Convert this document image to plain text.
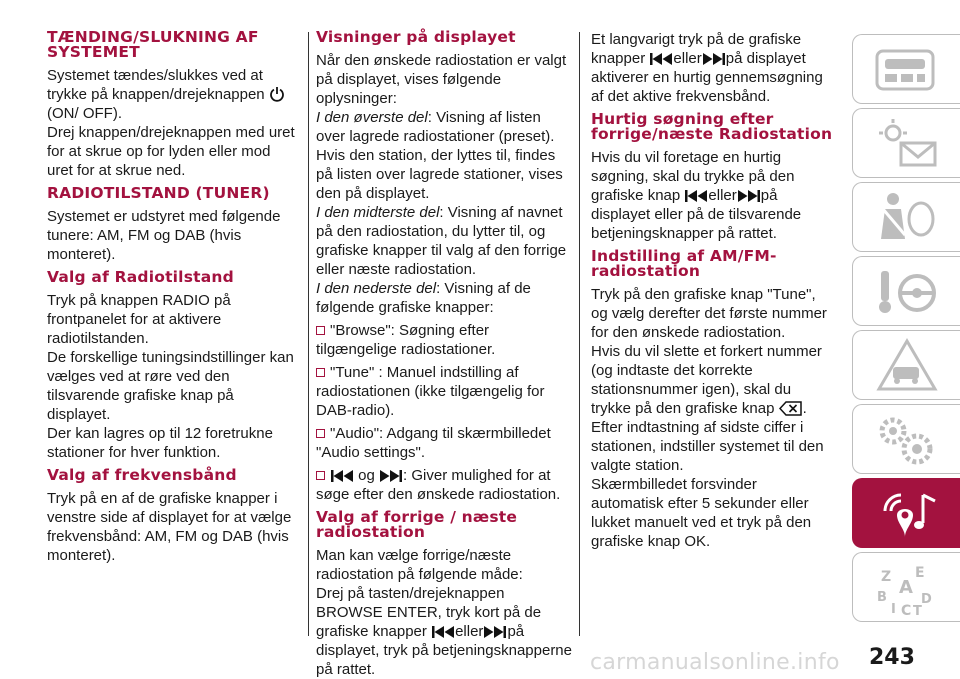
TÆNDING/SLUKNING AF SYSTEMET

Systemet tændes/slukkes ved at trykke på knappen/drejeknappen  (ON/ OFF).

Drej knappen/drejeknappen med uret for at skrue op for lyden eller mod uret for at skrue ned.

RADIOTILSTAND (TUNER)

Systemet er udstyret med følgende tunere: AM, FM og DAB (hvis monteret).

Valg af Radiotilstand

Tryk på knappen RADIO på frontpanelet for at aktivere radiotilstanden.

De forskellige tuningsindstillinger kan vælges ved at røre ved den tilsvarende grafiske knap på displayet.

Der kan lagres op til 12 foretrukne stationer for hver funktion.

Valg af frekvensbånd

Tryk på en af de grafiske knapper i venstre side af displayet for at vælge frekvensbånd: AM, FM og DAB (hvis monteret).

Visninger på displayet

Når den ønskede radiostation er valgt på displayet, vises følgende oplysninger:

I den øverste del: Visning af listen over lagrede radiostationer (preset). Hvis den station, der lyttes til, findes på listen over lagrede stationer, vises den på displayet.

I den midterste del: Visning af navnet på den radiostation, du lytter til, og grafiske knapper til valg af den forrige eller næste radiostation.

I den nederste del: Visning af de følgende grafiske knapper:

"Browse": Søgning efter tilgængelige radiostationer.

"Tune" : Manuel indstilling af radiostationen (ikke tilgængelig for DAB-radio).

"Audio": Adgang til skærmbilledet "Audio settings".

og : Giver mulighed for at søge efter den ønskede radiostation.

Valg af forrige / næste radiostation

Man kan vælge forrige/næste radiostation på følgende måde:

Drej på tasten/drejeknappen BROWSE ENTER, tryk kort på de grafiske knapper eller på displayet, tryk på betjeningsknapperne på rattet.

Et langvarigt tryk på de grafiske knapper eller på displayet aktiverer en hurtig gennemsøgning af det aktive frekvensbånd.

Hurtig søgning efter forrige/næste Radiostation

Hvis du vil foretage en hurtig søgning, skal du trykke på den grafiske knap eller på displayet eller på de tilsvarende betjeningsknapper på rattet.

Indstilling af AM/FM-radiostation

Tryk på den grafiske knap "Tune", og vælg derefter det første nummer for den ønskede radiostation.

Hvis du vil slette et forkert nummer (og indtaste det korrekte stationsnummer igen), skal du trykke på den grafiske knap .

Efter indtastning af sidste ciffer i stationen, indstiller systemet til den valgte station.

Skærmbilledet forsvinder automatisk efter 5 sekunder eller lukket manuelt ved et tryk på den grafiske knap OK.

Z E
A
B	D
I C T
carmanualsonline.info 243
